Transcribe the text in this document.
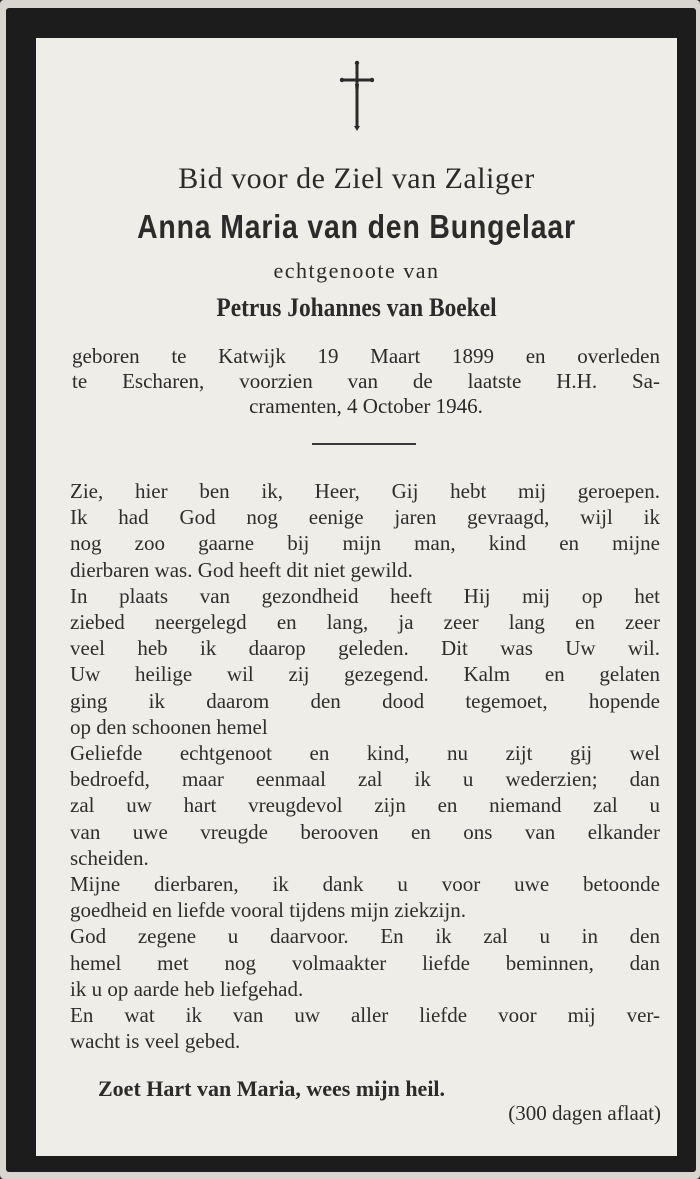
Bid voor de Ziel van Zaliger
Anna Maria van den Bungelaar
echtgenoote van
Petrus Johannes van Boekel
geboren te Katwijk 19 Maart 1899 en overleden
te Escharen, voorzien van de laatste H.H. Sa-
cramenten, 4 October 1946.
Zie, hier ben ik, Heer, Gij hebt mij geroepen.
Ik had God nog eenige jaren gevraagd, wijl ik
nog zoo gaarne bij mijn man, kind en mijne
dierbaren was. God heeft dit niet gewild.
In plaats van gezondheid heeft Hij mij op het
ziebed neergelegd en lang, ja zeer lang en zeer
veel heb ik daarop geleden. Dit was Uw wil.
Uw heilige wil zij gezegend. Kalm en gelaten
ging ik daarom den dood tegemoet, hopende
op den schoonen hemel
Geliefde echtgenoot en kind, nu zijt gij wel
bedroefd, maar eenmaal zal ik u wederzien; dan
zal uw hart vreugdevol zijn en niemand zal u
van uwe vreugde berooven en ons van elkander
scheiden.
Mijne dierbaren, ik dank u voor uwe betoonde
goedheid en liefde vooral tijdens mijn ziekzijn.
God zegene u daarvoor. En ik zal u in den
hemel met nog volmaakter liefde beminnen, dan
ik u op aarde heb liefgehad.
En wat ik van uw aller liefde voor mij ver-
wacht is veel gebed.
Zoet Hart van Maria, wees mijn heil.
(300 dagen aflaat)
